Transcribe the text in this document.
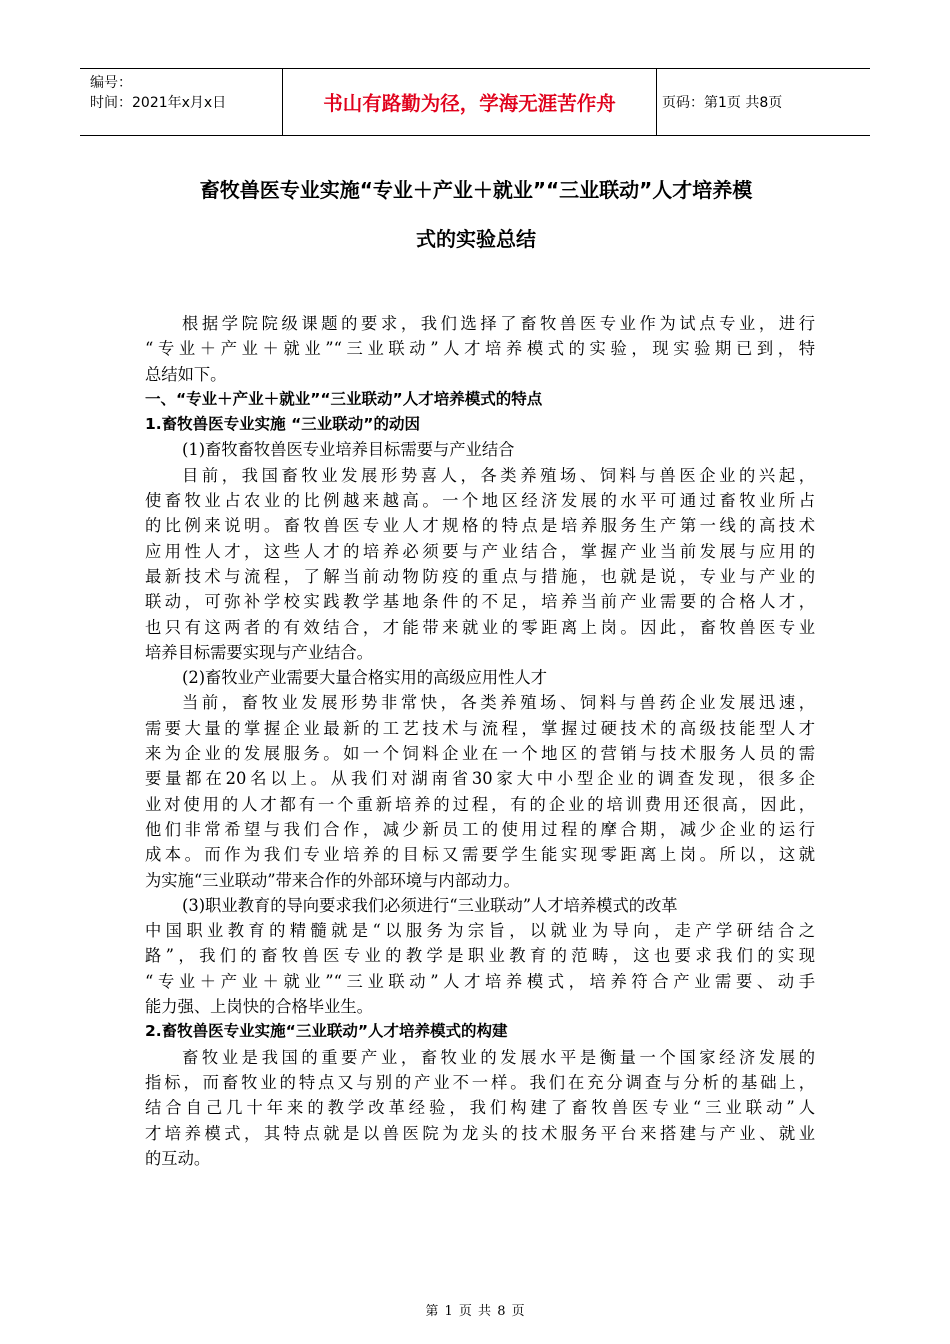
编号：
时间：2021年x月x日	书山有路勤为径，学海无涯苦作舟	页码：第1页 共8页
畜牧兽医专业实施“专业＋产业＋就业”“三业联动”人才培养模
式的实验总结
根据学院院级课题的要求，我们选择了畜牧兽医专业作为试点专业，进行
“专业＋产业＋就业”“三业联动”人才培养模式的实验，现实验期已到，特
总结如下。
一、“专业＋产业＋就业”“三业联动”人才培养模式的特点
1.畜牧兽医专业实施 “三业联动”的动因
(1)畜牧畜牧兽医专业培养目标需要与产业结合
目前，我国畜牧业发展形势喜人，各类养殖场、饲料与兽医企业的兴起，
使畜牧业占农业的比例越来越高。一个地区经济发展的水平可通过畜牧业所占
的比例来说明。畜牧兽医专业人才规格的特点是培养服务生产第一线的高技术
应用性人才，这些人才的培养必须要与产业结合，掌握产业当前发展与应用的
最新技术与流程，了解当前动物防疫的重点与措施，也就是说，专业与产业的
联动，可弥补学校实践教学基地条件的不足，培养当前产业需要的合格人才，
也只有这两者的有效结合，才能带来就业的零距离上岗。因此，畜牧兽医专业
培养目标需要实现与产业结合。
(2)畜牧业产业需要大量合格实用的高级应用性人才
当前，畜牧业发展形势非常快，各类养殖场、饲料与兽药企业发展迅速，
需要大量的掌握企业最新的工艺技术与流程，掌握过硬技术的高级技能型人才
来为企业的发展服务。如一个饲料企业在一个地区的营销与技术服务人员的需
要量都在20名以上。从我们对湖南省30家大中小型企业的调查发现，很多企
业对使用的人才都有一个重新培养的过程，有的企业的培训费用还很高，因此，
他们非常希望与我们合作，减少新员工的使用过程的摩合期，减少企业的运行
成本。而作为我们专业培养的目标又需要学生能实现零距离上岗。所以，这就
为实施“三业联动”带来合作的外部环境与内部动力。
(3)职业教育的导向要求我们必须进行“三业联动”人才培养模式的改革
中国职业教育的精髓就是“以服务为宗旨，以就业为导向，走产学研结合之
路”，我们的畜牧兽医专业的教学是职业教育的范畴，这也要求我们的实现
“专业＋产业＋就业”“三业联动”人才培养模式，培养符合产业需要、动手
能力强、上岗快的合格毕业生。
2.畜牧兽医专业实施“三业联动”人才培养模式的构建
畜牧业是我国的重要产业，畜牧业的发展水平是衡量一个国家经济发展的
指标，而畜牧业的特点又与别的产业不一样。我们在充分调查与分析的基础上，
结合自己几十年来的教学改革经验，我们构建了畜牧兽医专业“三业联动”人
才培养模式，其特点就是以兽医院为龙头的技术服务平台来搭建与产业、就业
的互动。
第 1 页 共 8 页
